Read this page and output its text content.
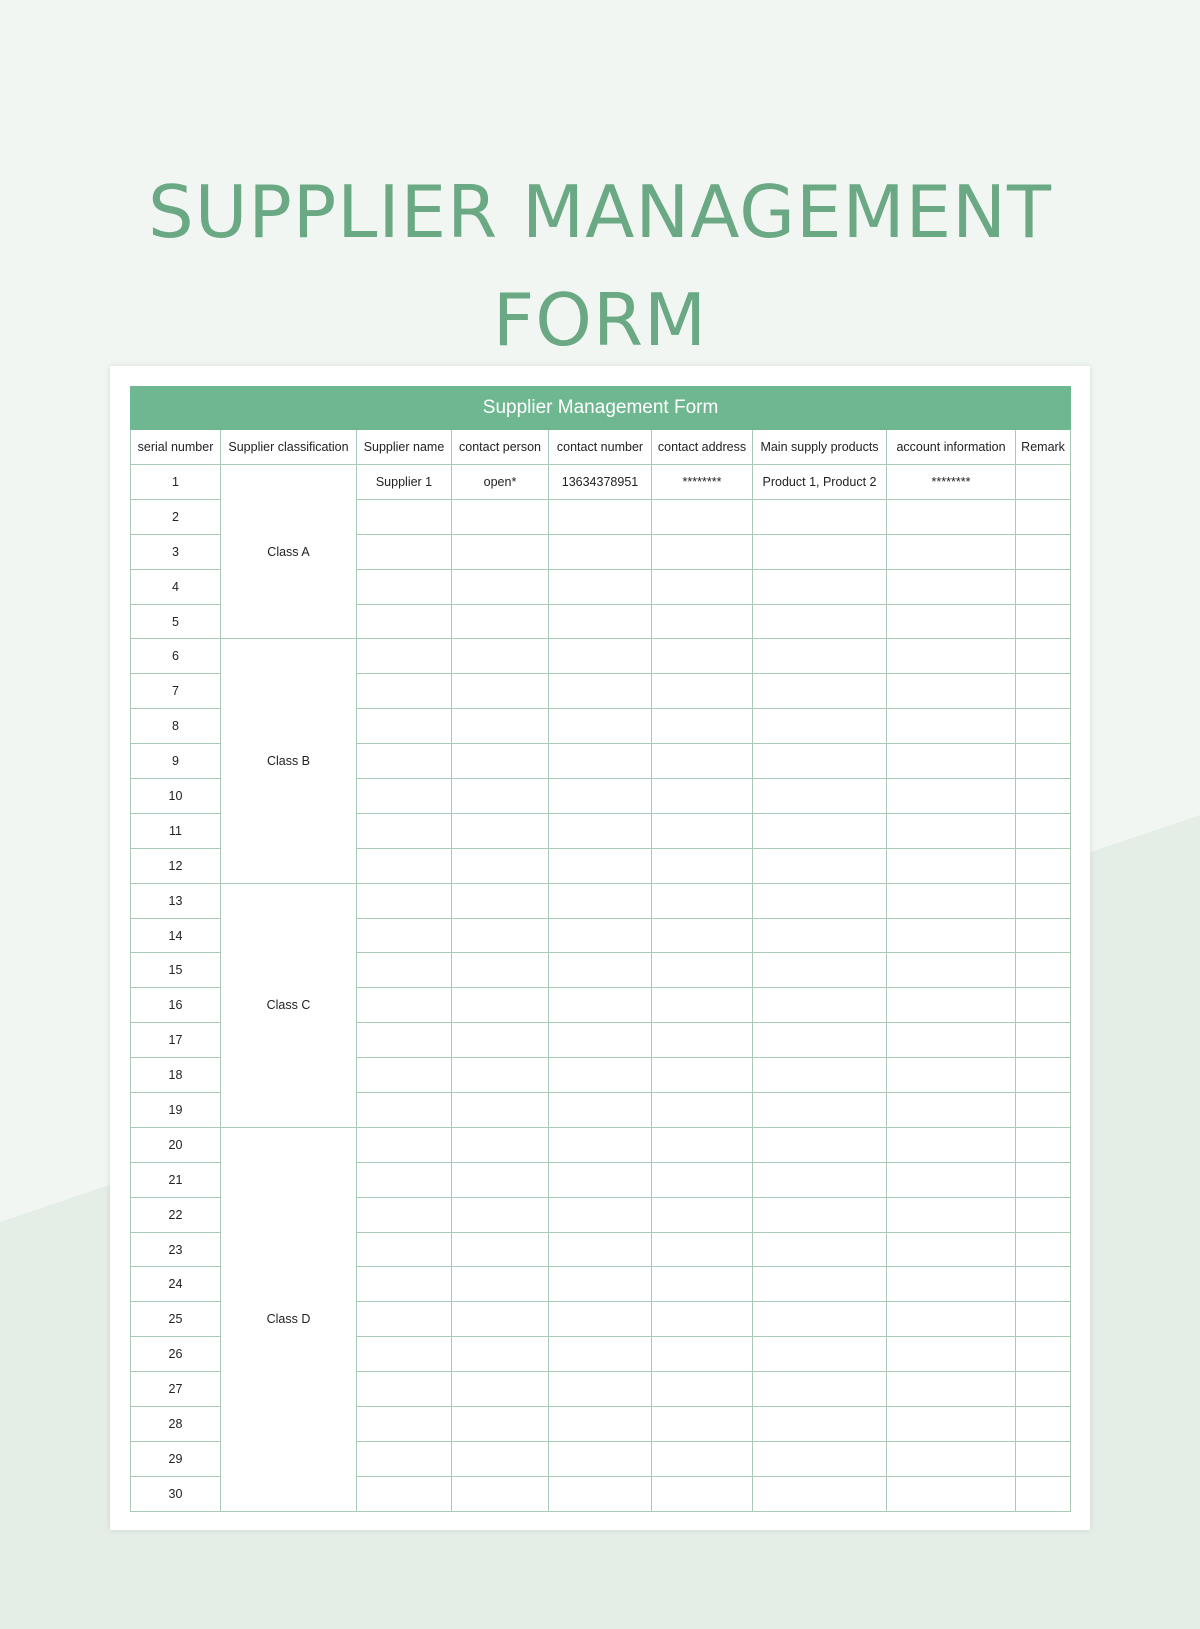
SUPPLIER MANAGEMENT
FORM
Supplier Management Form								
serial number	Supplier classification	Supplier name	contact person	contact number	contact address	Main supply products	account information	Remark
1	Class A	Supplier 1	open*	13634378951	********	Product 1, Product 2	********	
2								
3								
4								
5								
6	Class B							
7								
8								
9								
10								
11								
12								
13	Class C							
14								
15								
16								
17								
18								
19								
20	Class D							
21								
22								
23								
24								
25								
26								
27								
28								
29								
30								
